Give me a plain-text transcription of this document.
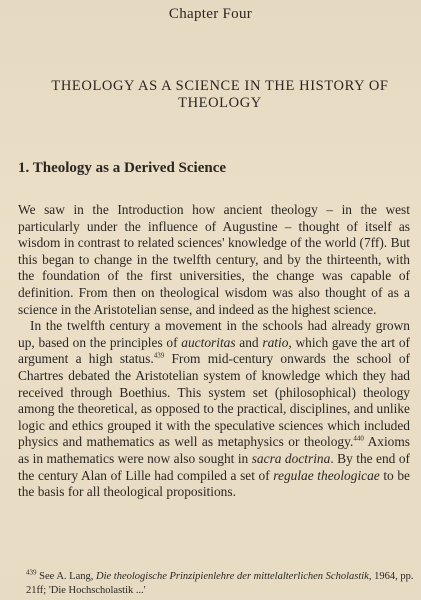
Chapter Four
THEOLOGY AS A SCIENCE IN THE HISTORY OF THEOLOGY
1. Theology as a Derived Science

We saw in the Introduction how ancient theology – in the west particularly under the influence of Augustine – thought of itself as wisdom in contrast to related sciences' knowledge of the world (7ff). But this began to change in the twelfth century, and by the thirteenth, with the foundation of the first universities, the change was capable of definition. From then on theological wisdom was also thought of as a science in the Aristotelian sense, and indeed as the highest science.

In the twelfth century a movement in the schools had already grown up, based on the principles of auctoritas and ratio, which gave the art of argument a high status.$^{439}$ From mid-century onwards the school of Chartres debated the Aristotelian system of knowledge which they had received through Boethius. This system set (philosophical) theology among the theoretical, as opposed to the practical, disciplines, and unlike logic and ethics grouped it with the speculative sciences which included physics and mathematics as well as metaphysics or theology.$^{440}$ Axioms as in mathematics were now also sought in sacra doctrina. By the end of the century Alan of Lille had compiled a set of regulae theologicae to be the basis for all theological propositions.

$^{439}$ See A. Lang, Die theologische Prinzipienlehre der mittelalterlichen Scholastik, 1964, pp. 21ff; 'Die Hochscholastik ...'
